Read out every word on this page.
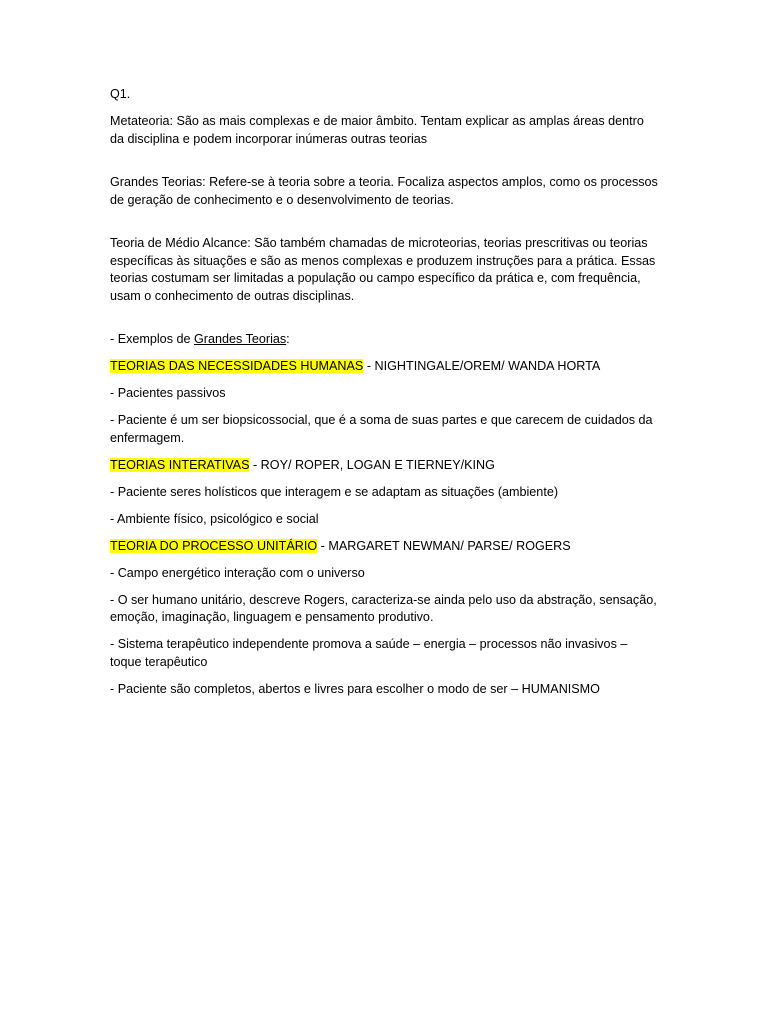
Q1.

Metateoria: São as mais complexas e de maior âmbito. Tentam explicar as amplas áreas dentro da disciplina e podem incorporar inúmeras outras teorias

Grandes Teorias: Refere-se à teoria sobre a teoria. Focaliza aspectos amplos, como os processos de geração de conhecimento e o desenvolvimento de teorias.

Teoria de Médio Alcance: São também chamadas de microteorias, teorias prescritivas ou teorias específicas às situações e são as menos complexas e produzem instruções para a prática. Essas teorias costumam ser limitadas a população ou campo específico da prática e, com frequência, usam o conhecimento de outras disciplinas.

- Exemplos de Grandes Teorias:

TEORIAS DAS NECESSIDADES HUMANAS - NIGHTINGALE/OREM/ WANDA HORTA

- Pacientes passivos

- Paciente é um ser biopsicossocial, que é a soma de suas partes e que carecem de cuidados da enfermagem.

TEORIAS INTERATIVAS - ROY/ ROPER, LOGAN E TIERNEY/KING

- Paciente seres holísticos que interagem e se adaptam as situações (ambiente)

- Ambiente físico, psicológico e social

TEORIA DO PROCESSO UNITÁRIO - MARGARET NEWMAN/ PARSE/ ROGERS

- Campo energético interação com o universo

- O ser humano unitário, descreve Rogers, caracteriza-se ainda pelo uso da abstração, sensação, emoção, imaginação, linguagem e pensamento produtivo.

- Sistema terapêutico independente promova a saúde – energia – processos não invasivos – toque terapêutico

- Paciente são completos, abertos e livres para escolher o modo de ser – HUMANISMO
